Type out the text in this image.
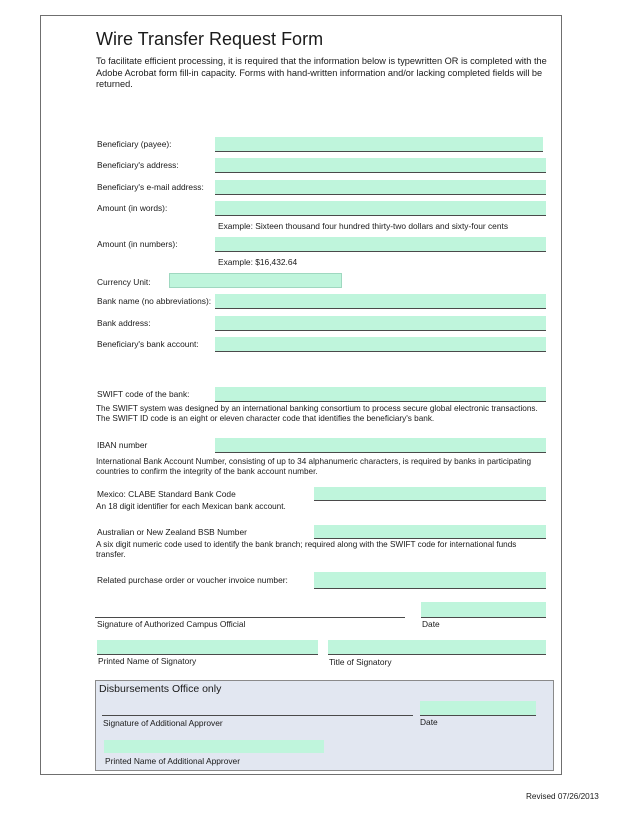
Wire Transfer Request Form
To facilitate efficient processing, it is required that the information below is typewritten OR is completed with the Adobe Acrobat form fill-in capacity. Forms with hand-written information and/or lacking completed fields will be returned.
Beneficiary (payee):
Beneficiary's address:
Beneficiary's e-mail address:
Amount (in words):
Example: Sixteen thousand four hundred thirty-two dollars and sixty-four cents
Amount (in numbers):
Example: $16,432.64
Currency Unit:
Bank name (no abbreviations):
Bank address:
Beneficiary's bank account:
SWIFT code of the bank:
The SWIFT system was designed by an international banking consortium to process secure global electronic transactions. The SWIFT ID code is an eight or eleven character code that identifies the beneficiary's bank.
IBAN number
International Bank Account Number, consisting of up to 34 alphanumeric characters, is required by banks in participating countries to confirm the integrity of the bank account number.
Mexico: CLABE Standard Bank Code
An 18 digit identifier for each Mexican bank account.
Australian or New Zealand BSB Number
A six digit numeric code used to identify the bank branch; required along with the SWIFT code for international funds transfer.
Related purchase order or voucher invoice number:
Signature of Authorized Campus Official	Date
Printed Name of Signatory	Title of Signatory
Disbursements Office only
Signature of Additional Approver	Date
Printed Name of Additional Approver
Revised 07/26/2013
